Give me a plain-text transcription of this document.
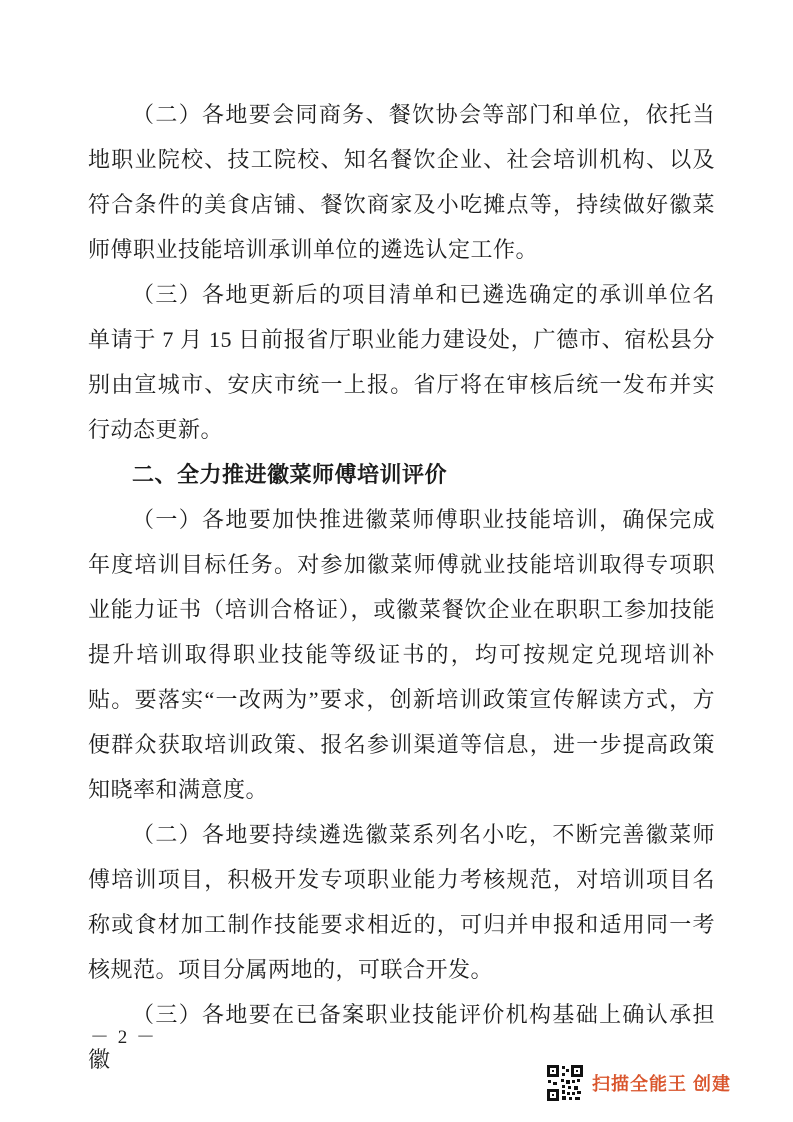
（二）各地要会同商务、餐饮协会等部门和单位，依托当地职业院校、技工院校、知名餐饮企业、社会培训机构、以及符合条件的美食店铺、餐饮商家及小吃摊点等，持续做好徽菜师傅职业技能培训承训单位的遴选认定工作。

（三）各地更新后的项目清单和已遴选确定的承训单位名单请于 7 月 15 日前报省厅职业能力建设处，广德市、宿松县分别由宣城市、安庆市统一上报。省厅将在审核后统一发布并实行动态更新。

二、全力推进徽菜师傅培训评价

（一）各地要加快推进徽菜师傅职业技能培训，确保完成年度培训目标任务。对参加徽菜师傅就业技能培训取得专项职业能力证书（培训合格证），或徽菜餐饮企业在职职工参加技能提升培训取得职业技能等级证书的，均可按规定兑现培训补贴。要落实“一改两为”要求，创新培训政策宣传解读方式，方便群众获取培训政策、报名参训渠道等信息，进一步提高政策知晓率和满意度。

（二）各地要持续遴选徽菜系列名小吃，不断完善徽菜师傅培训项目，积极开发专项职业能力考核规范，对培训项目名称或食材加工制作技能要求相近的，可归并申报和适用同一考核规范。项目分属两地的，可联合开发。

（三）各地要在已备案职业技能评价机构基础上确认承担徽

－ 2 －
扫描全能王 创建
